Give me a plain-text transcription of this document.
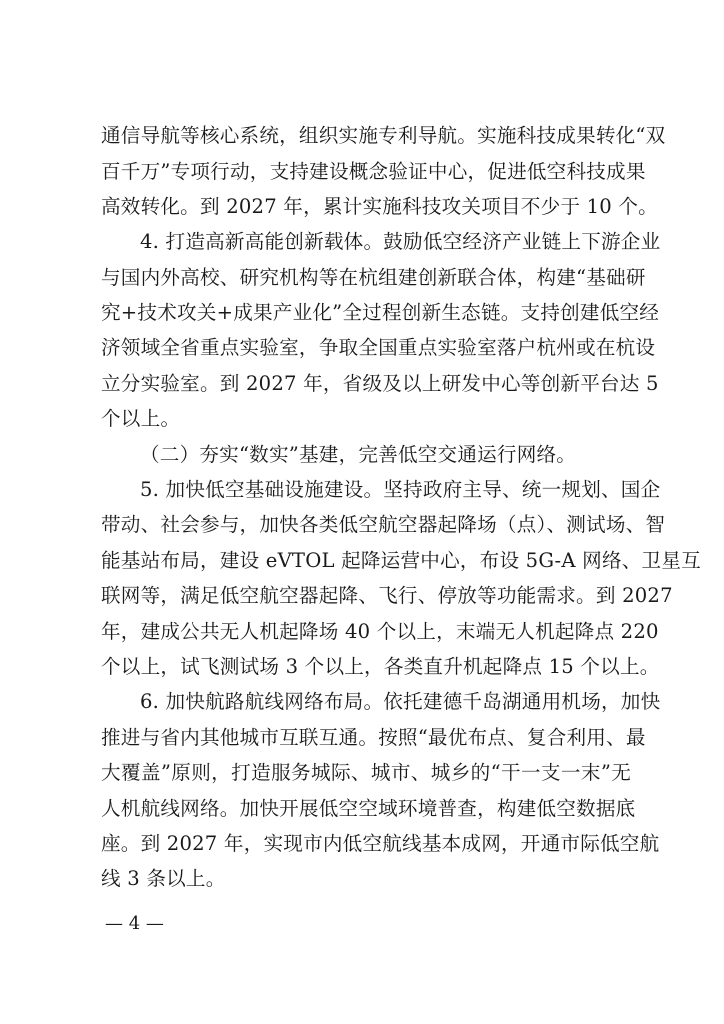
通信导航等核心系统，组织实施专利导航。实施科技成果转化“双
百千万”专项行动，支持建设概念验证中心，促进低空科技成果
高效转化。到 2027 年，累计实施科技攻关项目不少于 10 个。
4. 打造高新高能创新载体。鼓励低空经济产业链上下游企业
与国内外高校、研究机构等在杭组建创新联合体，构建“基础研
究+技术攻关+成果产业化”全过程创新生态链。支持创建低空经
济领域全省重点实验室，争取全国重点实验室落户杭州或在杭设
立分实验室。到 2027 年，省级及以上研发中心等创新平台达 5
个以上。
（二）夯实“数实”基建，完善低空交通运行网络。
5. 加快低空基础设施建设。坚持政府主导、统一规划、国企
带动、社会参与，加快各类低空航空器起降场（点）、测试场、智
能基站布局，建设 eVTOL 起降运营中心，布设 5G-A 网络、卫星互
联网等，满足低空航空器起降、飞行、停放等功能需求。到 2027
年，建成公共无人机起降场 40 个以上，末端无人机起降点 220
个以上，试飞测试场 3 个以上，各类直升机起降点 15 个以上。
6. 加快航路航线网络布局。依托建德千岛湖通用机场，加快
推进与省内其他城市互联互通。按照“最优布点、复合利用、最
大覆盖”原则，打造服务城际、城市、城乡的“干一支一末”无
人机航线网络。加快开展低空空域环境普查，构建低空数据底
座。到 2027 年，实现市内低空航线基本成网，开通市际低空航
线 3 条以上。
— 4 —
